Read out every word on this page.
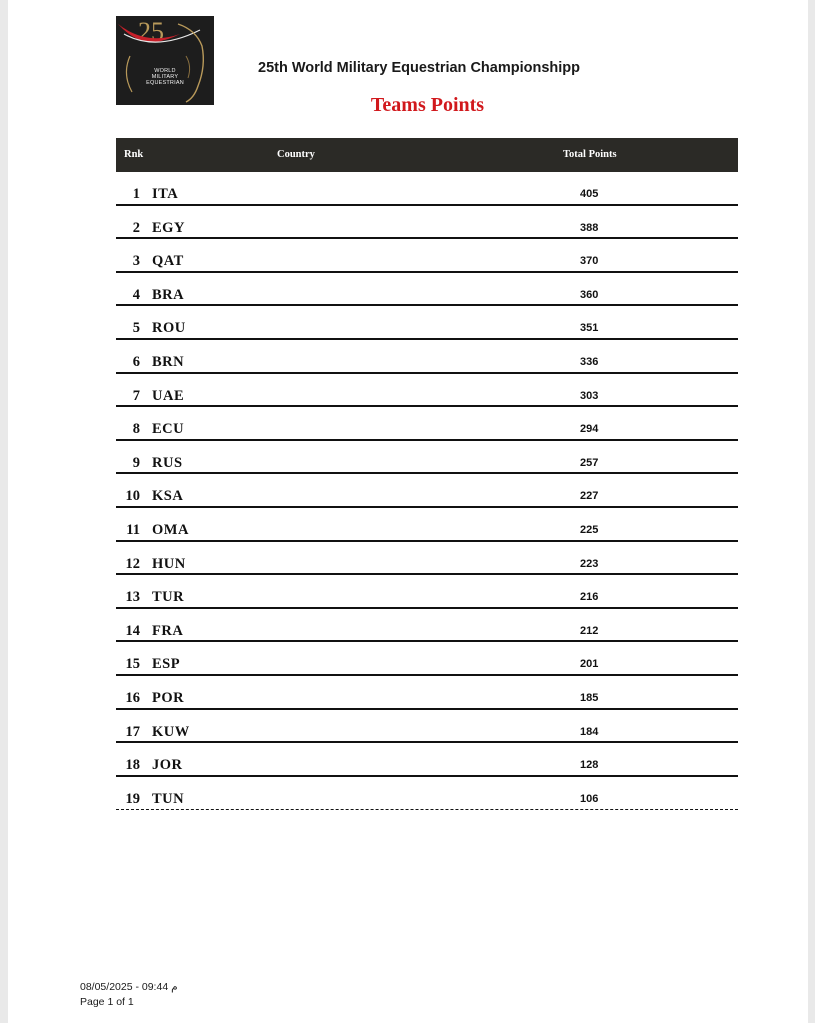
25
WORLD
MILITARY
EQUESTRIAN
25th World Military Equestrian Championshipp
Teams Points
Rnk	Country	Total Points
1 ITA	405
2 EGY	388
3 QAT	370
4 BRA	360
5 ROU	351
6 BRN	336
7 UAE	303
8 ECU	294
9 RUS	257
10 KSA	227
11 OMA	225
12 HUN	223
13 TUR	216
14 FRA	212
15 ESP	201
16 POR	185
17 KUW	184
18 JOR	128
19 TUN	106
08/05/2025 - 09:44 م
Page 1 of 1
